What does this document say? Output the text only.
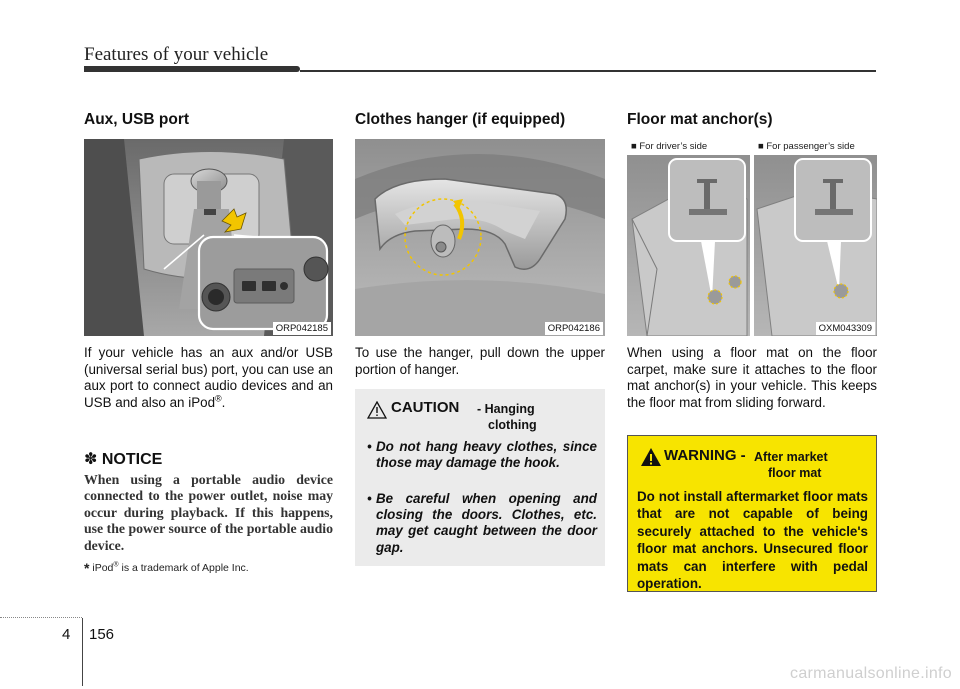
Features of your vehicle
Aux, USB port
ORP042185
If your vehicle has an aux and/or USB (universal serial bus) port, you can use an aux port to connect audio devices and an USB and also an iPod®.
✽ NOTICE
When using a portable audio device connected to the power outlet, noise may occur during playback. If this happens, use the power source of the portable audio device.
* iPod® is a trademark of Apple Inc.
Clothes hanger (if equipped)
ORP042186
To use the hanger, pull down the upper portion of hanger.
CAUTION - Hanging
clothing
• Do not hang heavy clothes, since those may damage the hook.
• Be careful when opening and closing the doors. Clothes, etc. may get caught between the door gap.
Floor mat anchor(s)
■ For driver’s side	■ For passenger’s side
OXM043309
When using a floor mat on the floor carpet, make sure it attaches to the floor mat anchor(s) in your vehicle. This keeps the floor mat from sliding forward.
WARNING - After market
floor mat
Do not install aftermarket floor mats that are not capable of being securely attached to the vehicle's floor mat anchors. Unsecured floor mats can interfere with pedal operation.
4 156
carmanualsonline.info
